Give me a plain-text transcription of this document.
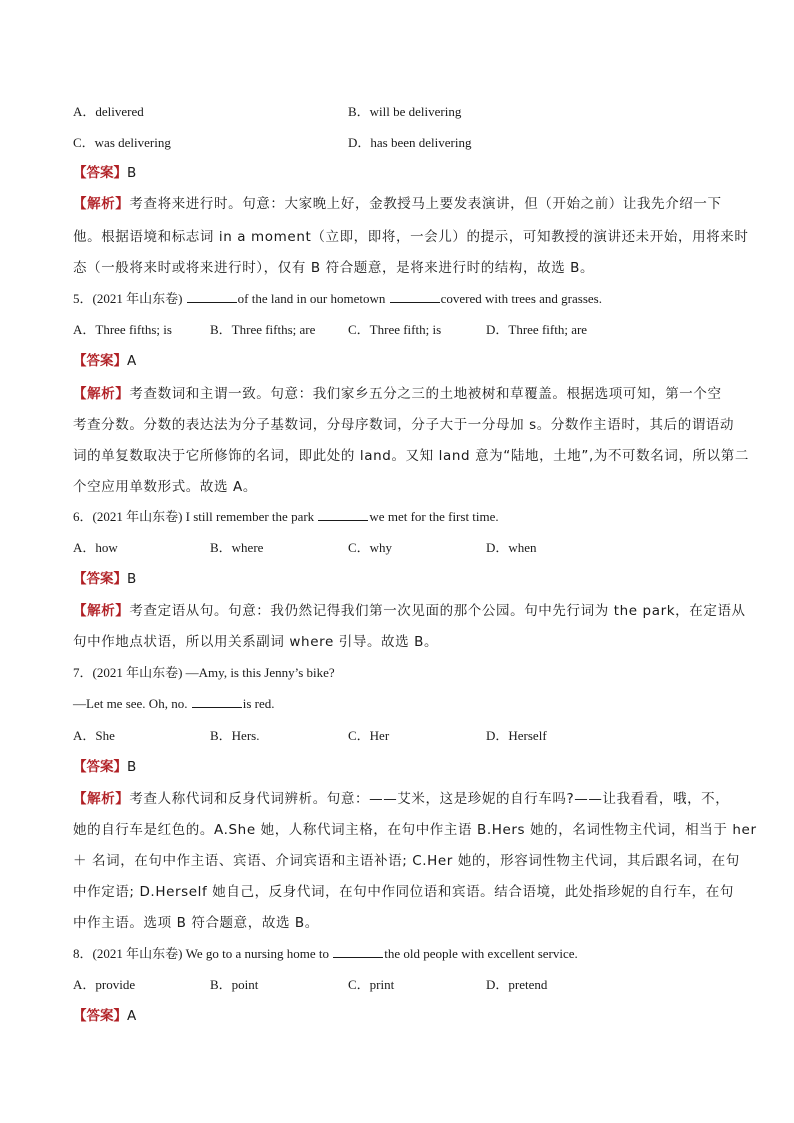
A．delivered	B．will be delivering
C．was delivering	D．has been delivering
【答案】B
【解析】考查将来进行时。句意：大家晚上好，金教授马上要发表演讲，但（开始之前）让我先介绍一下
他。根据语境和标志词 in a moment（立即，即将，一会儿）的提示，可知教授的演讲还未开始，用将来时
态（一般将来时或将来进行时），仅有 B 符合题意，是将来进行时的结构，故选 B。
5．(2021 年山东卷)	of the land in our hometown	covered with trees and grasses.
A．Three fifths; is	B．Three fifths; are	C．Three fifth; is	D．Three fifth; are
【答案】A
【解析】考查数词和主谓一致。句意：我们家乡五分之三的土地被树和草覆盖。根据选项可知，第一个空
考查分数。分数的表达法为分子基数词，分母序数词，分子大于一分母加 s。分数作主语时，其后的谓语动
词的单复数取决于它所修饰的名词，即此处的 land。又知 land 意为“陆地，土地”,为不可数名词，所以第二
个空应用单数形式。故选 A。
6．(2021 年山东卷) I still remember the park	we met for the first time.
A．how	B．where	C．why	D．when
【答案】B
【解析】考查定语从句。句意：我仍然记得我们第一次见面的那个公园。句中先行词为 the park，在定语从
句中作地点状语，所以用关系副词 where 引导。故选 B。
7．(2021 年山东卷) —Amy, is this Jenny’s bike?
—Let me see. Oh, no.	is red.
A．She	B．Hers.	C．Her	D．Herself
【答案】B
【解析】考查人称代词和反身代词辨析。句意：——艾米，这是珍妮的自行车吗?——让我看看，哦，不，
她的自行车是红色的。A.She 她，人称代词主格，在句中作主语 B.Hers 她的，名词性物主代词，相当于 her
＋ 名词，在句中作主语、宾语、介词宾语和主语补语; C.Her 她的，形容词性物主代词，其后跟名词，在句
中作定语; D.Herself 她自己，反身代词，在句中作同位语和宾语。结合语境，此处指珍妮的自行车，在句
中作主语。选项 B 符合题意，故选 B。
8．(2021 年山东卷) We go to a nursing home to	the old people with excellent service.
A．provide	B．point	C．print	D．pretend
【答案】A
